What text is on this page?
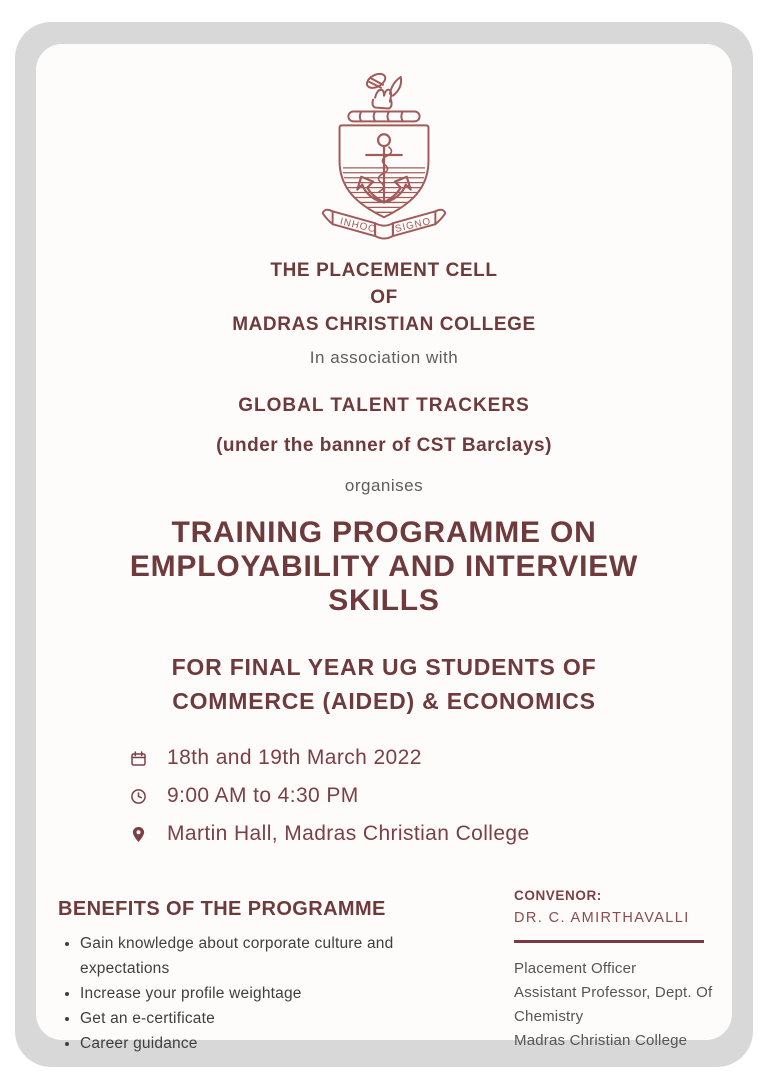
INHOC SIGNO
THE PLACEMENT CELL
OF
MADRAS CHRISTIAN COLLEGE
In association with
GLOBAL TALENT TRACKERS
(under the banner of CST Barclays)
organises
TRAINING PROGRAMME ON
EMPLOYABILITY AND INTERVIEW
SKILLS
FOR FINAL YEAR UG STUDENTS OF
COMMERCE (AIDED) & ECONOMICS
18th and 19th March 2022
9:00 AM to 4:30 PM
Martin Hall, Madras Christian College
BENEFITS OF THE PROGRAMME
• Gain knowledge about corporate culture and expectations
• Increase your profile weightage
• Get an e-certificate
• Career guidance
CONVENOR:
DR. C. AMIRTHAVALLI
Placement Officer
Assistant Professor, Dept. Of
Chemistry
Madras Christian College
